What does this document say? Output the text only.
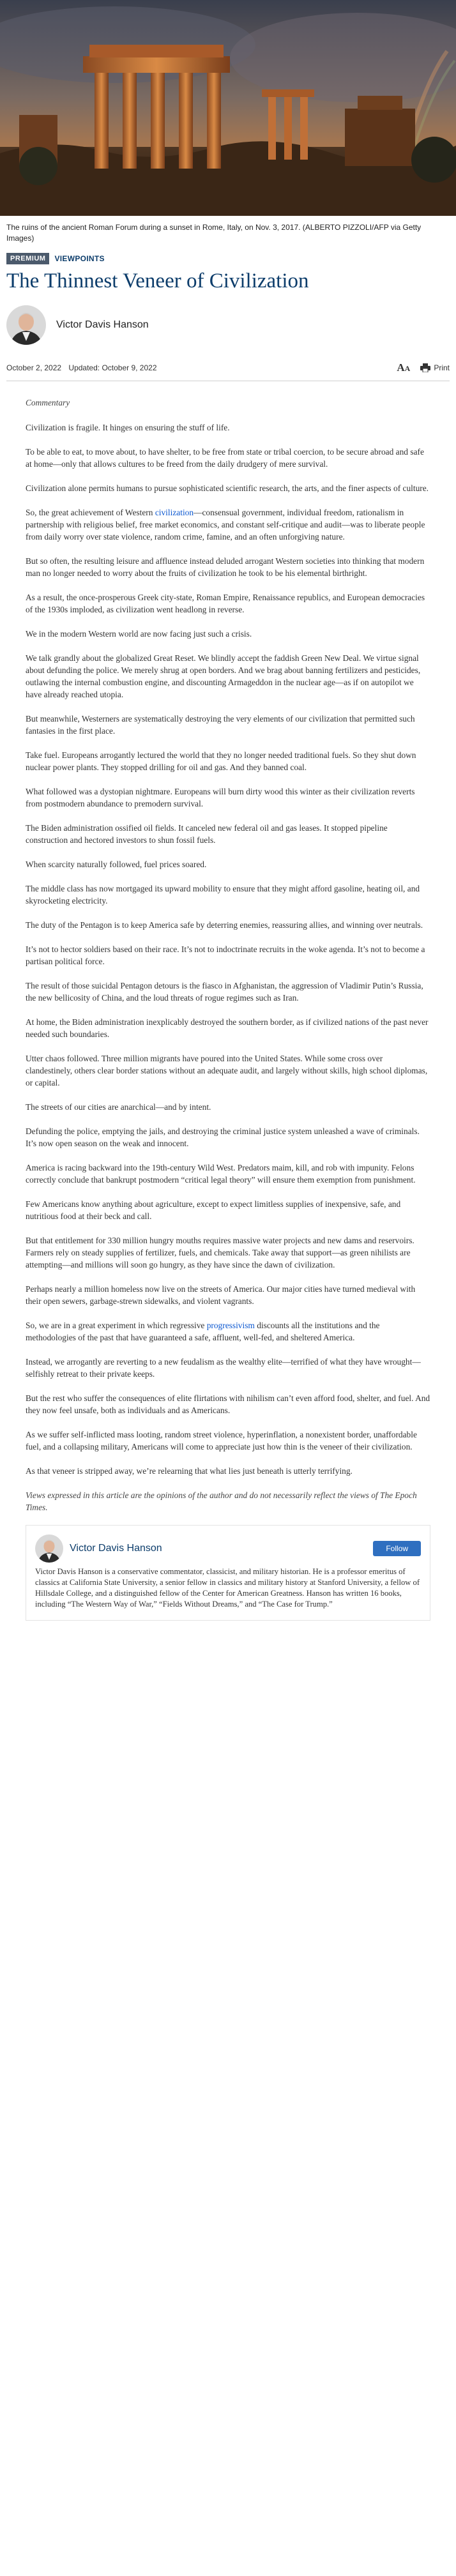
The ruins of the ancient Roman Forum during a sunset in Rome, Italy, on Nov. 3, 2017. (ALBERTO PIZZOLI/AFP via Getty Images)
PREMIUM	VIEWPOINTS
The Thinnest Veneer of Civilization
Victor Davis Hanson
October 2, 2022 Updated: October 9, 2022	AA	Print

Commentary

Civilization is fragile. It hinges on ensuring the stuff of life.

To be able to eat, to move about, to have shelter, to be free from state or tribal coercion, to be secure abroad and safe at home—only that allows cultures to be freed from the daily drudgery of mere survival.

Civilization alone permits humans to pursue sophisticated scientific research, the arts, and the finer aspects of culture.

So, the great achievement of Western civilization—consensual government, individual freedom, rationalism in partnership with religious belief, free market economics, and constant self-critique and audit—was to liberate people from daily worry over state violence, random crime, famine, and an often unforgiving nature.

But so often, the resulting leisure and affluence instead deluded arrogant Western societies into thinking that modern man no longer needed to worry about the fruits of civilization he took to be his elemental birthright.

As a result, the once-prosperous Greek city-state, Roman Empire, Renaissance republics, and European democracies of the 1930s imploded, as civilization went headlong in reverse.

We in the modern Western world are now facing just such a crisis.

We talk grandly about the globalized Great Reset. We blindly accept the faddish Green New Deal. We virtue signal about defunding the police. We merely shrug at open borders. And we brag about banning fertilizers and pesticides, outlawing the internal combustion engine, and discounting Armageddon in the nuclear age—as if on autopilot we have already reached utopia.

But meanwhile, Westerners are systematically destroying the very elements of our civilization that permitted such fantasies in the first place.

Take fuel. Europeans arrogantly lectured the world that they no longer needed traditional fuels. So they shut down nuclear power plants. They stopped drilling for oil and gas. And they banned coal.

What followed was a dystopian nightmare. Europeans will burn dirty wood this winter as their civilization reverts from postmodern abundance to premodern survival.

The Biden administration ossified oil fields. It canceled new federal oil and gas leases. It stopped pipeline construction and hectored investors to shun fossil fuels.

When scarcity naturally followed, fuel prices soared.

The middle class has now mortgaged its upward mobility to ensure that they might afford gasoline, heating oil, and skyrocketing electricity.

The duty of the Pentagon is to keep America safe by deterring enemies, reassuring allies, and winning over neutrals.

It’s not to hector soldiers based on their race. It’s not to indoctrinate recruits in the woke agenda. It’s not to become a partisan political force.

The result of those suicidal Pentagon detours is the fiasco in Afghanistan, the aggression of Vladimir Putin’s Russia, the new bellicosity of China, and the loud threats of rogue regimes such as Iran.

At home, the Biden administration inexplicably destroyed the southern border, as if civilized nations of the past never needed such boundaries.

Utter chaos followed. Three million migrants have poured into the United States. While some cross over clandestinely, others clear border stations without an adequate audit, and largely without skills, high school diplomas, or capital.

The streets of our cities are anarchical—and by intent.

Defunding the police, emptying the jails, and destroying the criminal justice system unleashed a wave of criminals. It’s now open season on the weak and innocent.

America is racing backward into the 19th-century Wild West. Predators maim, kill, and rob with impunity. Felons correctly conclude that bankrupt postmodern “critical legal theory” will ensure them exemption from punishment.

Few Americans know anything about agriculture, except to expect limitless supplies of inexpensive, safe, and nutritious food at their beck and call.

But that entitlement for 330 million hungry mouths requires massive water projects and new dams and reservoirs. Farmers rely on steady supplies of fertilizer, fuels, and chemicals. Take away that support—as green nihilists are attempting—and millions will soon go hungry, as they have since the dawn of civilization.

Perhaps nearly a million homeless now live on the streets of America. Our major cities have turned medieval with their open sewers, garbage-strewn sidewalks, and violent vagrants.

So, we are in a great experiment in which regressive progressivism discounts all the institutions and the methodologies of the past that have guaranteed a safe, affluent, well-fed, and sheltered America.

Instead, we arrogantly are reverting to a new feudalism as the wealthy elite—terrified of what they have wrought—selfishly retreat to their private keeps.

But the rest who suffer the consequences of elite flirtations with nihilism can’t even afford food, shelter, and fuel. And they now feel unsafe, both as individuals and as Americans.

As we suffer self-inflicted mass looting, random street violence, hyperinflation, a nonexistent border, unaffordable fuel, and a collapsing military, Americans will come to appreciate just how thin is the veneer of their civilization.

As that veneer is stripped away, we’re relearning that what lies just beneath is utterly terrifying.

Views expressed in this article are the opinions of the author and do not necessarily reflect the views of The Epoch Times.

Victor Davis Hanson	Follow

Victor Davis Hanson is a conservative commentator, classicist, and military historian. He is a professor emeritus of classics at California State University, a senior fellow in classics and military history at Stanford University, a fellow of Hillsdale College, and a distinguished fellow of the Center for American Greatness. Hanson has written 16 books, including “The Western Way of War,” “Fields Without Dreams,” and “The Case for Trump.”
